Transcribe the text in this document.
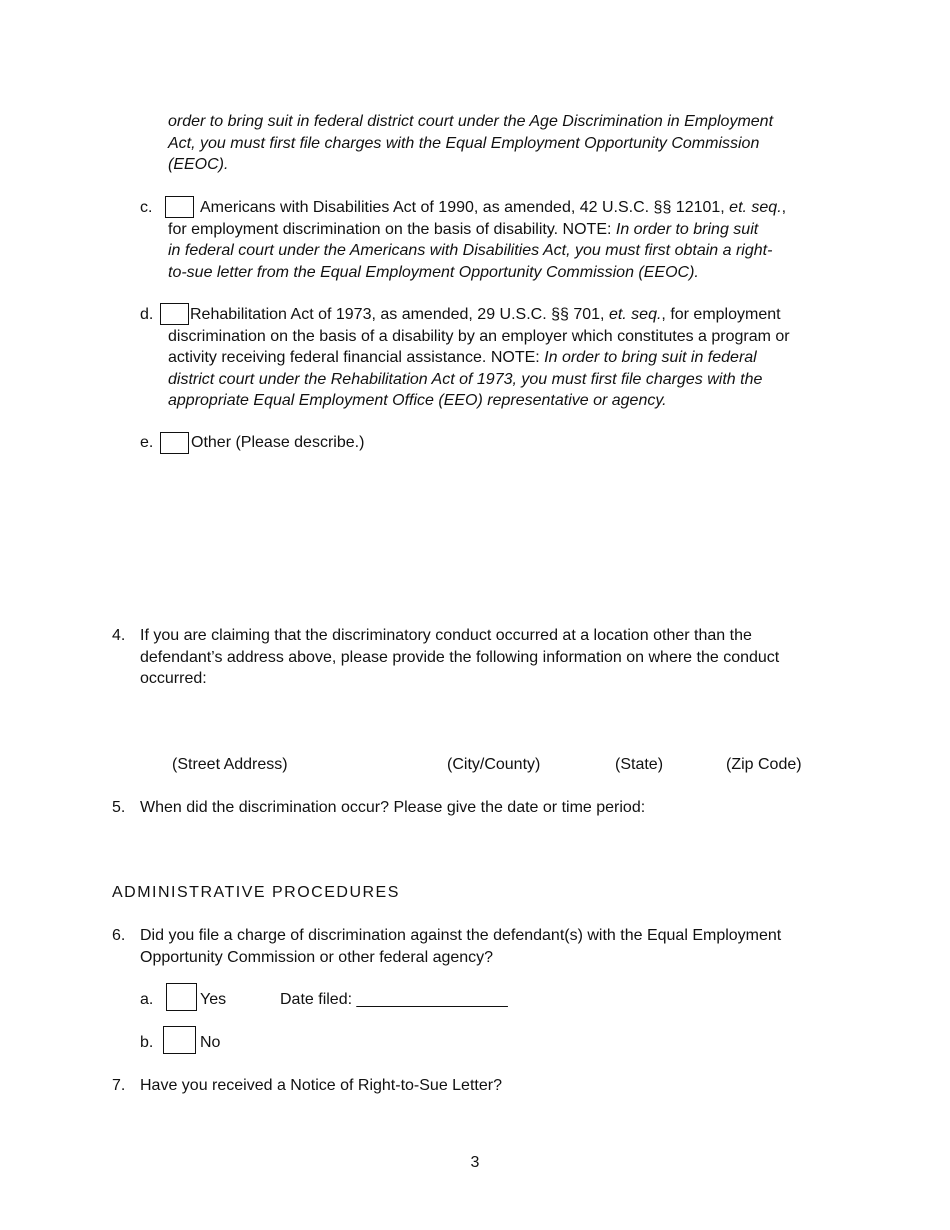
order to bring suit in federal district court under the Age Discrimination in Employment
Act, you must first file charges with the Equal Employment Opportunity Commission
(EEOC).
c.	Americans with Disabilities Act of 1990, as amended, 42 U.S.C. §§ 12101, et. seq.,
for employment discrimination on the basis of disability. NOTE: In order to bring suit
in federal court under the Americans with Disabilities Act, you must first obtain a right-
to-sue letter from the Equal Employment Opportunity Commission (EEOC).
d. Rehabilitation Act of 1973, as amended, 29 U.S.C. §§ 701, et. seq., for employment
discrimination on the basis of a disability by an employer which constitutes a program or
activity receiving federal financial assistance. NOTE: In order to bring suit in federal
district court under the Rehabilitation Act of 1973, you must first file charges with the
appropriate Equal Employment Office (EEO) representative or agency.
e. Other (Please describe.)
4. If you are claiming that the discriminatory conduct occurred at a location other than the
defendant’s address above, please provide the following information on where the conduct
occurred:
(Street Address)	(City/County)	(State)	(Zip Code)
5. When did the discrimination occur? Please give the date or time period:
ADMINISTRATIVE PROCEDURES
6. Did you file a charge of discrimination against the defendant(s) with the Equal Employment
Opportunity Commission or other federal agency?
a.	Yes	Date filed: _________________
b.	No
7. Have you received a Notice of Right-to-Sue Letter?
3
